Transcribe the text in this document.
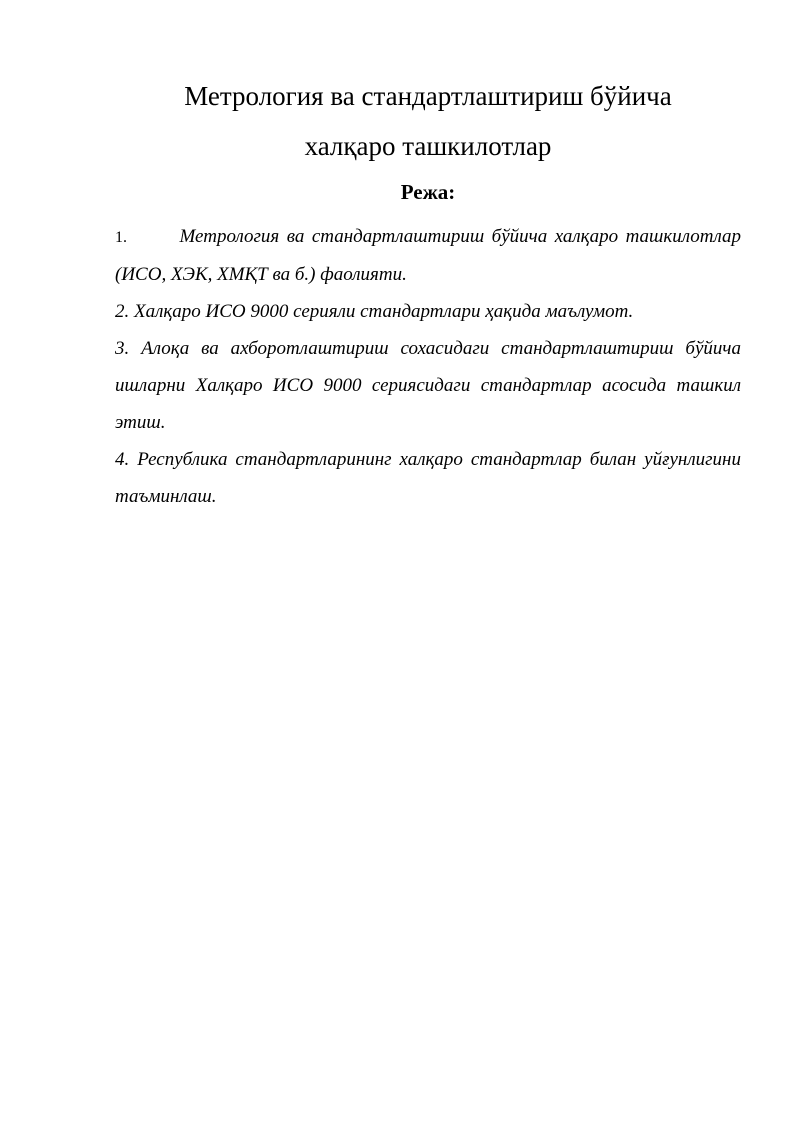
Метрология ва стандартлаштириш бўйича
халқаро ташкилотлар
Режа:
1.	Метрология ва стандартлаштириш бўйича халқаро ташкилотлар (ИСО, ХЭК, ХМҚТ ва б.) фаолияти.
2. Халқаро ИСО 9000 серияли стандартлари ҳақида маълумот.
3. Алоқа ва ахборотлаштириш сохасидаги стандартлаштириш бўйича ишларни Халқаро ИСО 9000 сериясидаги стандартлар асосида ташкил этиш.
4. Республика стандартларининг халқаро стандартлар билан уйғунлигини таъминлаш.
